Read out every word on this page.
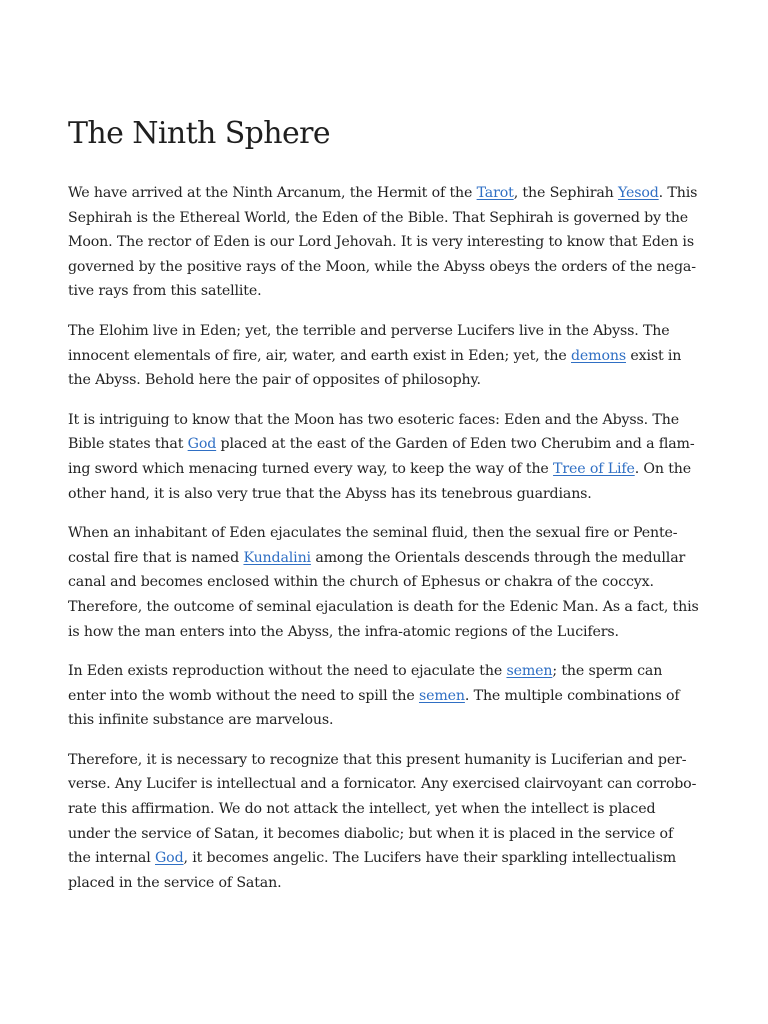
The Ninth Sphere

We have arrived at the Ninth Arcanum, the Hermit of the Tarot, the Sephirah Yesod. This Sephirah is the Ethereal World, the Eden of the Bible. That Sephirah is governed by the Moon. The rector of Eden is our Lord Jehovah. It is very interesting to know that Eden is governed by the positive rays of the Moon, while the Abyss obeys the orders of the negative rays from this satellite.

The Elohim live in Eden; yet, the terrible and perverse Lucifers live in the Abyss. The innocent elementals of fire, air, water, and earth exist in Eden; yet, the demons exist in the Abyss. Behold here the pair of opposites of philosophy.

It is intriguing to know that the Moon has two esoteric faces: Eden and the Abyss. The Bible states that God placed at the east of the Garden of Eden two Cherubim and a flaming sword which menacing turned every way, to keep the way of the Tree of Life. On the other hand, it is also very true that the Abyss has its tenebrous guardians.

When an inhabitant of Eden ejaculates the seminal fluid, then the sexual fire or Pentecostal fire that is named Kundalini among the Orientals descends through the medullar canal and becomes enclosed within the church of Ephesus or chakra of the coccyx. Therefore, the outcome of seminal ejaculation is death for the Edenic Man. As a fact, this is how the man enters into the Abyss, the infra-atomic regions of the Lucifers.

In Eden exists reproduction without the need to ejaculate the semen; the sperm can enter into the womb without the need to spill the semen. The multiple combinations of this infinite substance are marvelous.

Therefore, it is necessary to recognize that this present humanity is Luciferian and perverse. Any Lucifer is intellectual and a fornicator. Any exercised clairvoyant can corroborate this affirmation. We do not attack the intellect, yet when the intellect is placed under the service of Satan, it becomes diabolic; but when it is placed in the service of the internal God, it becomes angelic. The Lucifers have their sparkling intellectualism placed in the service of Satan.
